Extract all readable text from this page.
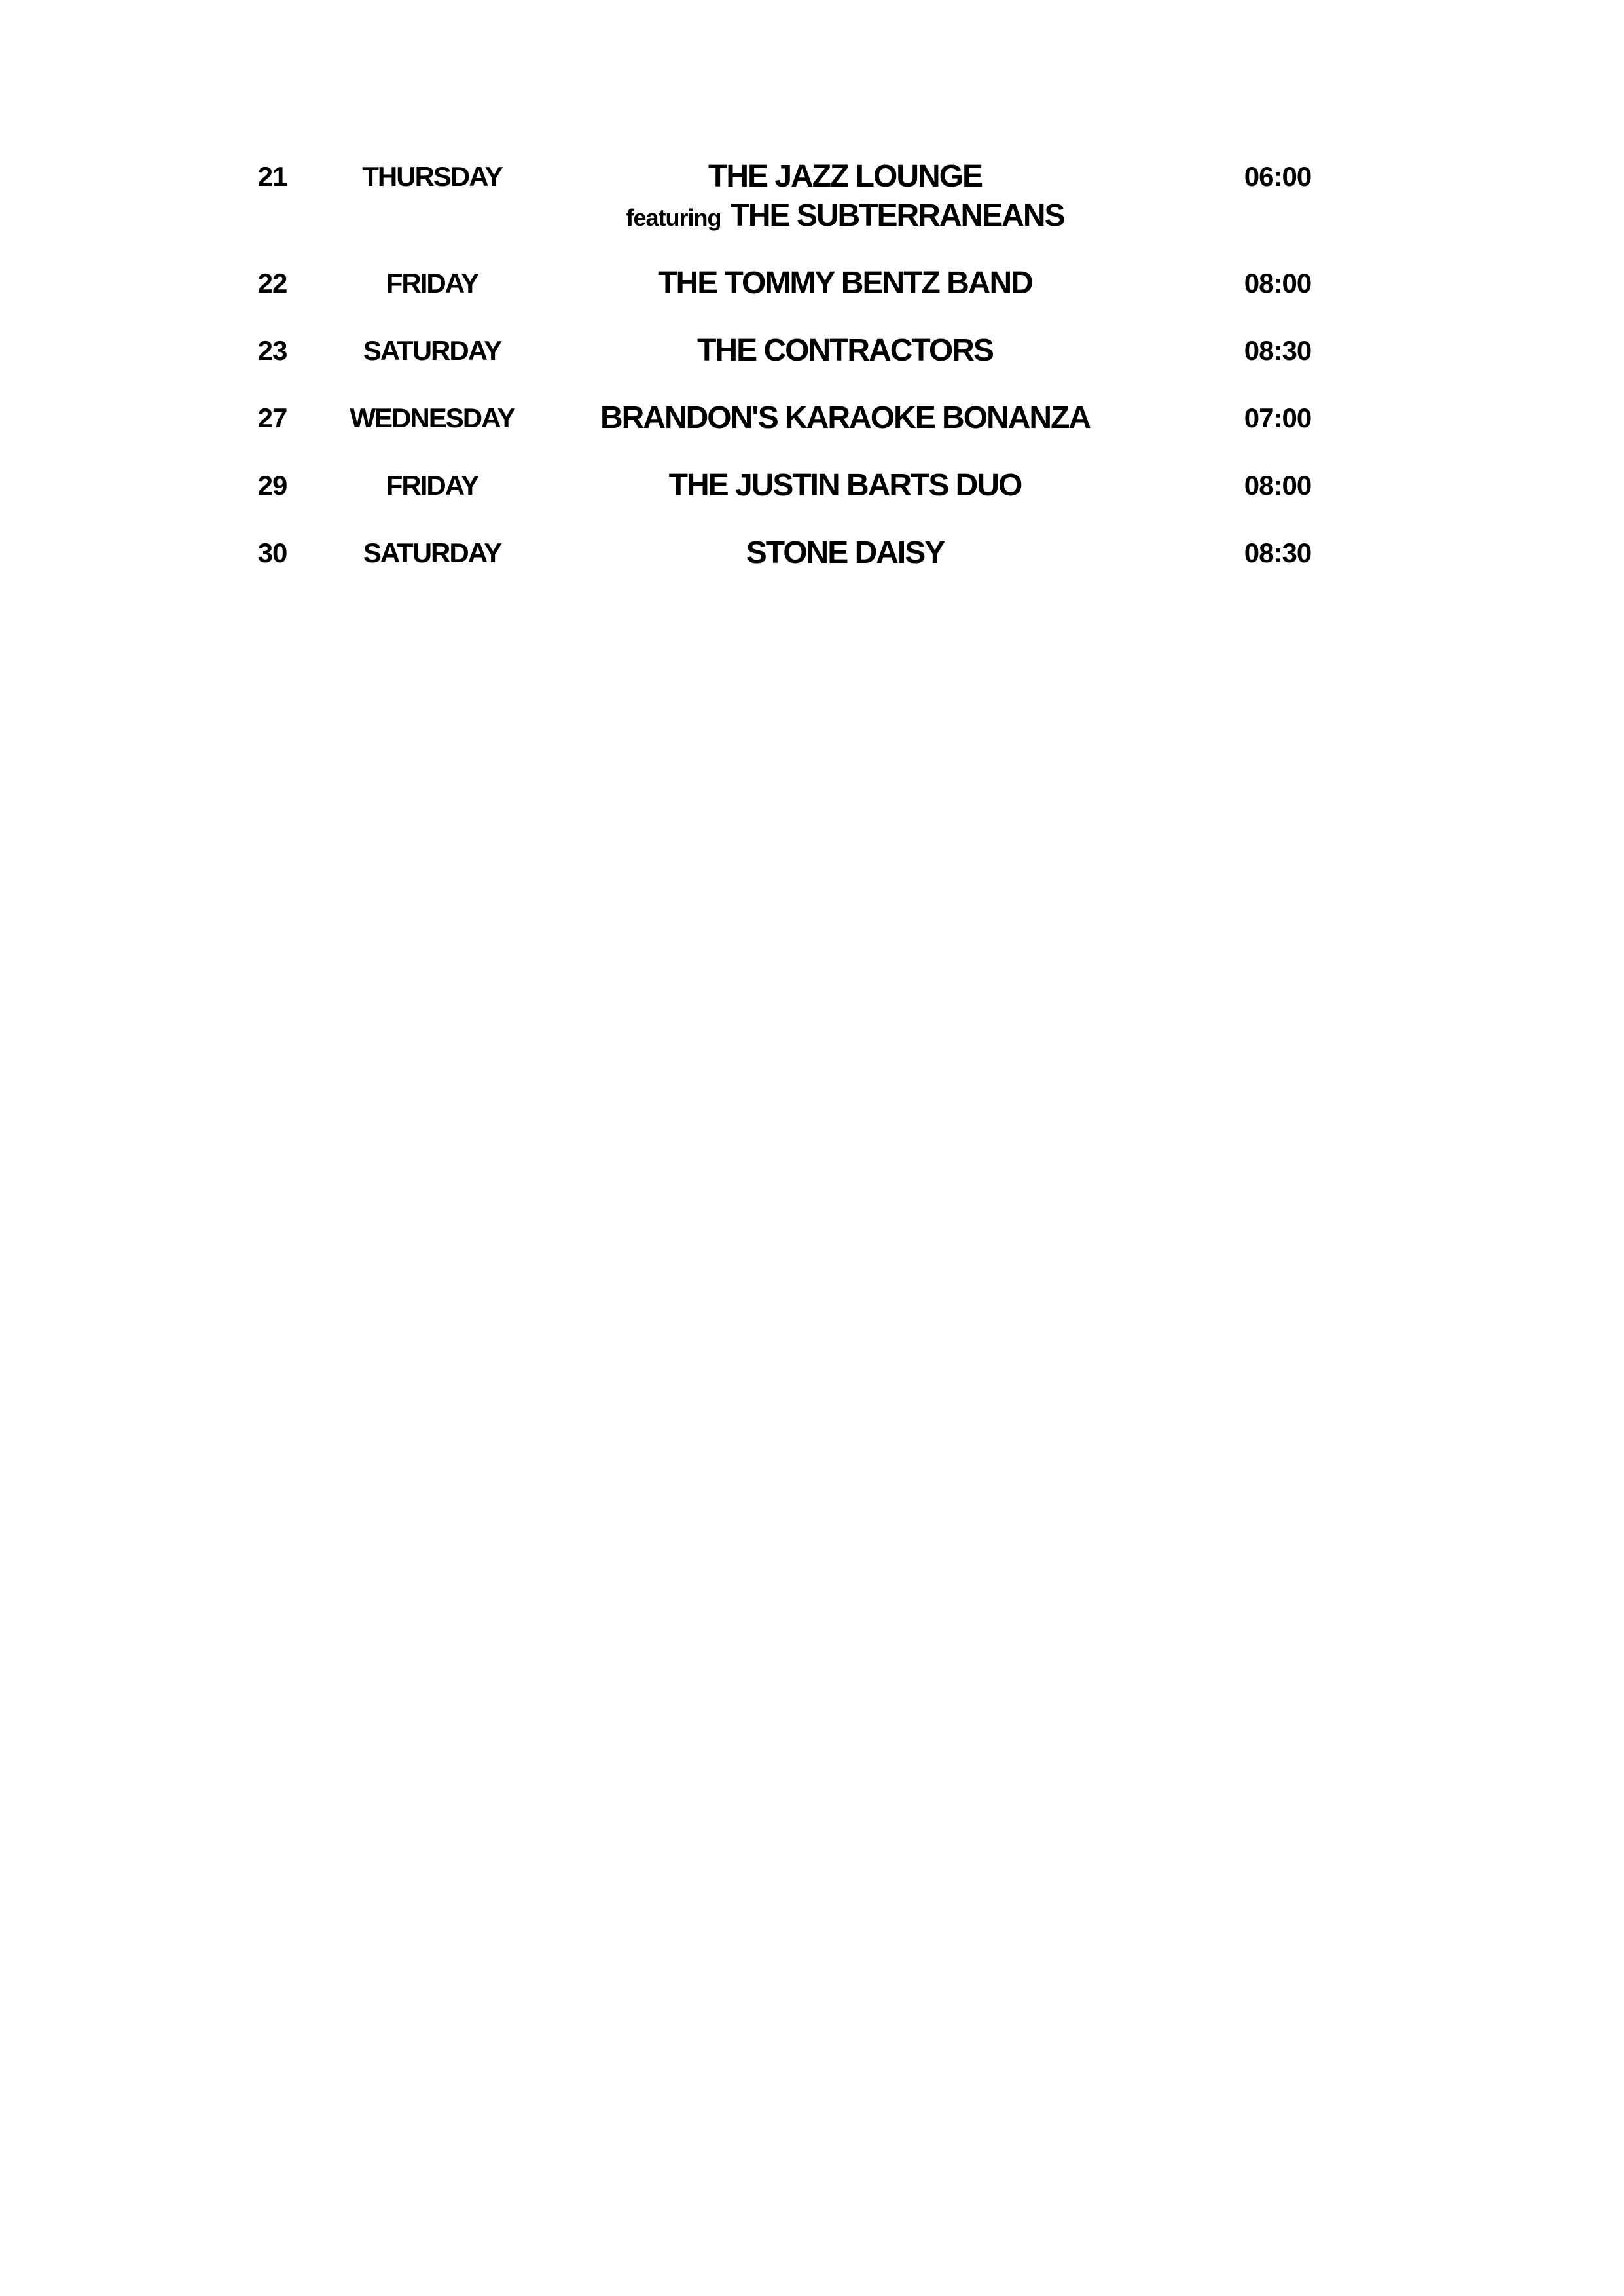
21	THURSDAY	THE JAZZ LOUNGE	06:00
featuring THE SUBTERRANEANS
22	FRIDAY	THE TOMMY BENTZ BAND	08:00
23	SATURDAY	THE CONTRACTORS	08:30
27 WEDNESDAY	BRANDON'S KARAOKE BONANZA	07:00
29	FRIDAY	THE JUSTIN BARTS DUO	08:00
30	SATURDAY	STONE DAISY	08:30
